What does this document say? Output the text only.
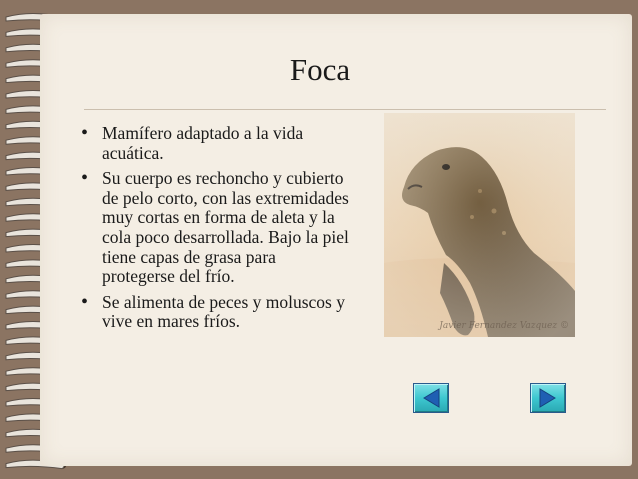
Foca
• Mamífero adaptado a la vida acuática.
• Su cuerpo es rechoncho y cubierto de pelo corto, con las extremidades muy cortas en forma de aleta y la cola poco desarrollada. Bajo la piel tiene capas de grasa para protegerse del frío.
• Se alimenta de peces y moluscos y vive en mares fríos.	Javier Fernandez Vazquez ©
